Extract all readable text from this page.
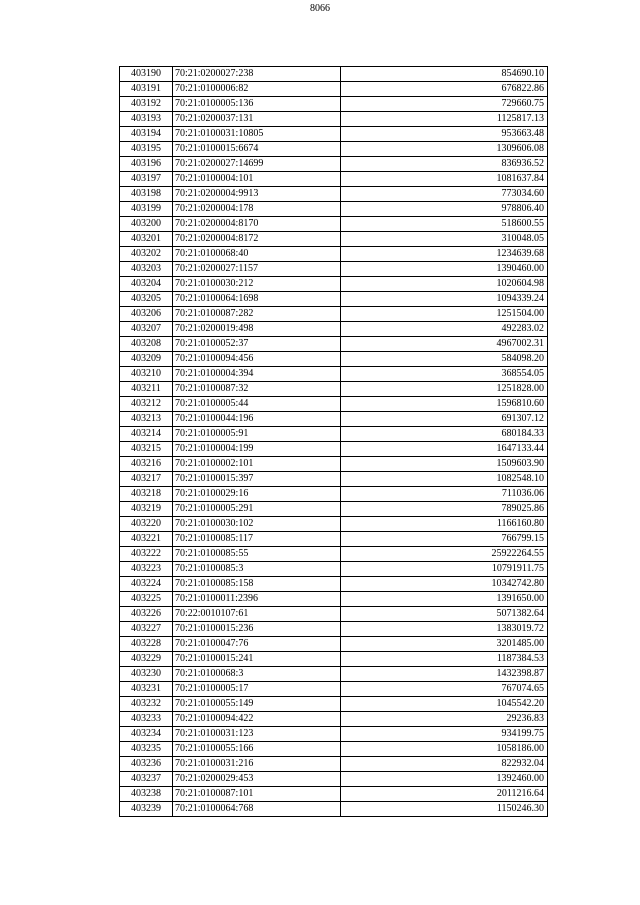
8066
403190	70:21:0200027:238	854690.10
403191	70:21:0100006:82	676822.86
403192	70:21:0100005:136	729660.75
403193	70:21:0200037:131	1125817.13
403194	70:21:0100031:10805	953663.48
403195	70:21:0100015:6674	1309606.08
403196	70:21:0200027:14699	836936.52
403197	70:21:0100004:101	1081637.84
403198	70:21:0200004:9913	773034.60
403199	70:21:0200004:178	978806.40
403200	70:21:0200004:8170	518600.55
403201	70:21:0200004:8172	310048.05
403202	70:21:0100068:40	1234639.68
403203	70:21:0200027:1157	1390460.00
403204	70:21:0100030:212	1020604.98
403205	70:21:0100064:1698	1094339.24
403206	70:21:0100087:282	1251504.00
403207	70:21:0200019:498	492283.02
403208	70:21:0100052:37	4967002.31
403209	70:21:0100094:456	584098.20
403210	70:21:0100004:394	368554.05
403211	70:21:0100087:32	1251828.00
403212	70:21:0100005:44	1596810.60
403213	70:21:0100044:196	691307.12
403214	70:21:0100005:91	680184.33
403215	70:21:0100004:199	1647133.44
403216	70:21:0100002:101	1509603.90
403217	70:21:0100015:397	1082548.10
403218	70:21:0100029:16	711036.06
403219	70:21:0100005:291	789025.86
403220	70:21:0100030:102	1166160.80
403221	70:21:0100085:117	766799.15
403222	70:21:0100085:55	25922264.55
403223	70:21:0100085:3	10791911.75
403224	70:21:0100085:158	10342742.80
403225	70:21:0100011:2396	1391650.00
403226	70:22:0010107:61	5071382.64
403227	70:21:0100015:236	1383019.72
403228	70:21:0100047:76	3201485.00
403229	70:21:0100015:241	1187384.53
403230	70:21:0100068:3	1432398.87
403231	70:21:0100005:17	767074.65
403232	70:21:0100055:149	1045542.20
403233	70:21:0100094:422	29236.83
403234	70:21:0100031:123	934199.75
403235	70:21:0100055:166	1058186.00
403236	70:21:0100031:216	822932.04
403237	70:21:0200029:453	1392460.00
403238	70:21:0100087:101	2011216.64
403239	70:21:0100064:768	1150246.30
